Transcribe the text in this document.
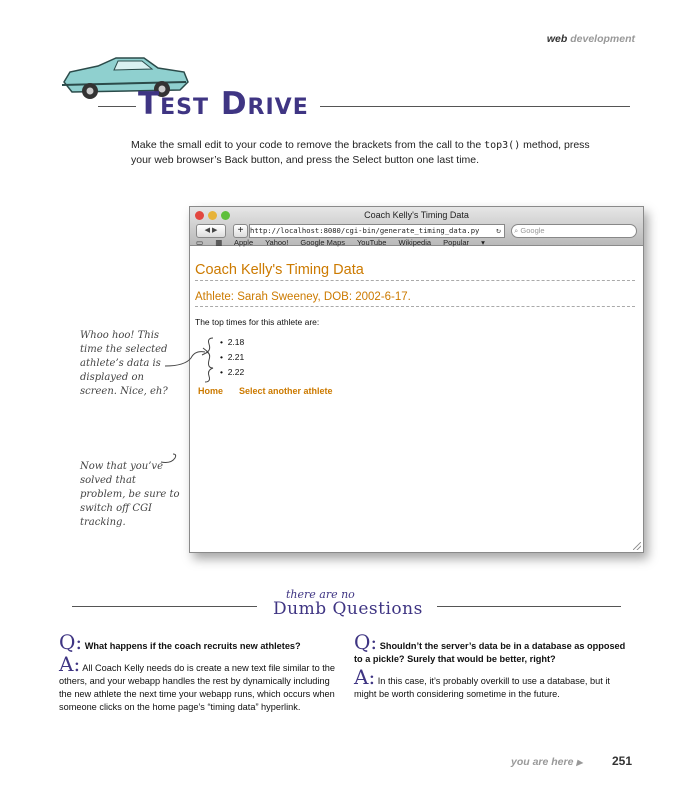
web development
Test Drive
Make the small edit to your code to remove the brackets from the call to the top3() method, press your web browser’s Back button, and press the Select button one last time.
Coach Kelly's Timing Data
◀ ▶	+ http://localhost:8080/cgi-bin/generate_timing_data.py ↻ ⌕ Google
▭ ▦ Apple Yahoo! Google Maps YouTube Wikipedia Popular ▾
Coach Kelly's Timing Data
Athlete: Sarah Sweeney, DOB: 2002-6-17.
The top times for this athlete are:
•  2.18
•  2.21
•  2.22
Home Select another athlete
Whoo hoo! This time the selected athlete’s data is displayed on screen. Nice, eh?
Now that you’ve solved that problem, be sure to switch off CGI tracking.
there are no
Dumb Questions
Q: What happens if the coach recruits new athletes?
A: All Coach Kelly needs do is create a new text file similar to the others, and your webapp handles the rest by dynamically including the new athlete the next time your webapp runs, which occurs when someone clicks on the home page’s “timing data” hyperlink.
Q: Shouldn’t the server’s data be in a database as opposed to a pickle? Surely that would be better, right?
A: In this case, it’s probably overkill to use a database, but it might be worth considering sometime in the future.
you are here ▶ 251
